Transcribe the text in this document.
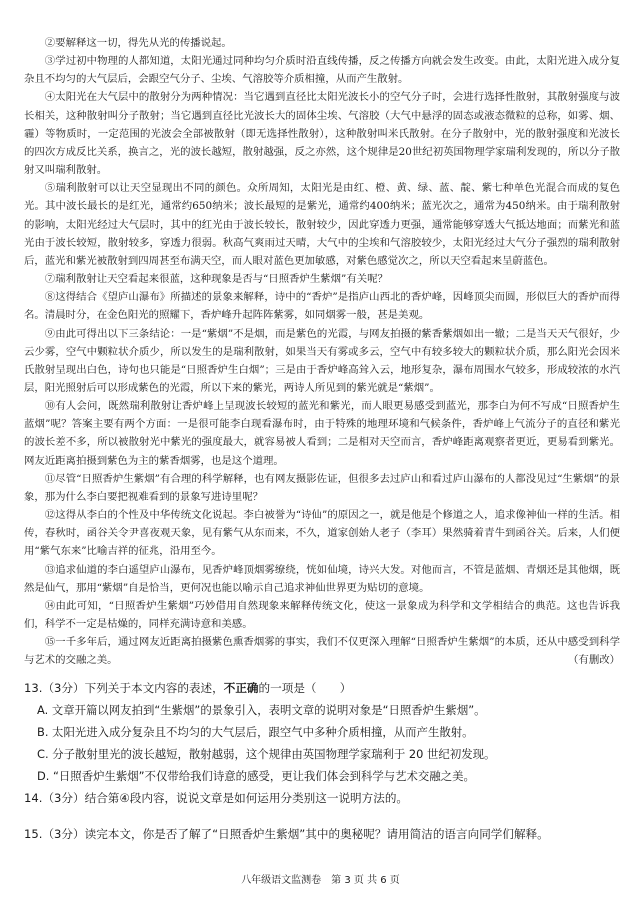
②要解释这一切，得先从光的传播说起。

③学过初中物理的人都知道，太阳光通过同种均匀介质时沿直线传播，反之传播方向就会发生改变。由此，太阳光进入成分复杂且不均匀的大气层后，会跟空气分子、尘埃、气溶胶等介质相撞，从而产生散射。

④太阳光在大气层中的散射分为两种情况：当它遇到直径比太阳光波长小的空气分子时，会进行选择性散射，其散射强度与波长相关，这种散射叫分子散射；当它遇到直径比光波长大的固体尘埃、气溶胶（大气中悬浮的固态或液态微粒的总称，如雾、烟、霾）等物质时，一定范围的光波会全部被散射（即无选择性散射），这种散射叫米氏散射。在分子散射中，光的散射强度和光波长的四次方成反比关系，换言之，光的波长越短，散射越强，反之亦然，这个规律是20世纪初英国物理学家瑞利发现的，所以分子散射又叫瑞利散射。

⑤瑞利散射可以让天空显现出不同的颜色。众所周知，太阳光是由红、橙、黄、绿、蓝、靛、紫七种单色光混合而成的复色光。其中波长最长的是红光，通常约650纳米；波长最短的是紫光，通常约400纳米；蓝光次之，通常为450纳米。由于瑞利散射的影响，太阳光经过大气层时，其中的红光由于波长较长，散射较少，因此穿透力更强，通常能够穿透大气抵达地面；而紫光和蓝光由于波长较短，散射较多，穿透力很弱。秋高气爽雨过天晴，大气中的尘埃和气溶胶较少，太阳光经过大气分子强烈的瑞利散射后，蓝光和紫光被散射到四周甚至布满天空，而人眼对蓝色更加敏感，对紫色感觉次之，所以天空看起来呈蔚蓝色。

⑦瑞利散射让天空看起来很蓝，这种现象是否与“日照香炉生紫烟”有关呢？

⑧这得结合《望庐山瀑布》所描述的景象来解释，诗中的“香炉”是指庐山西北的香炉峰，因峰顶尖而圆，形似巨大的香炉而得名。清晨时分，在金色阳光的照耀下，香炉峰升起阵阵紫雾，如同烟雾一般，甚是美观。

⑨由此可得出以下三条结论：一是“紫烟”不是烟，而是紫色的光霞，与网友拍摄的紫香紫烟如出一辙；二是当天天气很好，少云少雾，空气中颗粒状介质少，所以发生的是瑞利散射，如果当天有雾或多云，空气中有较多较大的颗粒状介质，那么阳光会因米氏散射呈现出白色，诗句也只能是“日照香炉生白烟”；三是由于香炉峰高耸入云，地形复杂，瀑布周围水气较多，形成较浓的水汽层，阳光照射后可以形成紫色的光霞，所以下来的紫光，两诗人所见到的紫光就是“紫烟”。

⑩有人会问，既然瑞利散射让香炉峰上呈现波长较短的蓝光和紫光，而人眼更易感受到蓝光，那李白为何不写成“日照香炉生蓝烟”呢？答案主要有两个方面：一是很可能李白现看瀑布时，由于特殊的地理环境和气候条件，香炉峰上气流分子的直径和紫光的波长差不多，所以被散射光中紫光的强度最大，就容易被人看到；二是相对天空而言，香炉峰距离观察者更近，更易看到紫光。网友近距离拍摄到紫色为主的紫香烟雾，也是这个道理。

⑪尽管“日照香炉生紫烟”有合理的科学解释，也有网友摄影佐证，但很多去过庐山和看过庐山瀑布的人都没见过“生紫烟”的景象，那为什么李白要把视难看到的景象写进诗里呢？

⑫这得从李白的个性及中华传统文化说起。李白被誉为“诗仙”的原因之一，就是他是个修道之人，追求像神仙一样的生活。相传，春秋时，函谷关令尹喜夜观天象，见有紫气从东而来，不久，道家创始人老子（李耳）果然骑着青牛到函谷关。后来，人们便用“紫气东来”比喻吉祥的征兆，沿用至今。

⑬追求仙道的李白遥望庐山瀑布，见香炉峰顶烟雾缭绕，恍如仙境，诗兴大发。对他而言，不管是蓝烟、青烟还是其他烟，既然是仙气，那用“紫烟”自是恰当，更何况也能以喻示自己追求神仙世界更为贴切的意境。

⑭由此可知，“日照香炉生紫烟”巧妙借用自然现象来解释传统文化，使这一景象成为科学和文学相结合的典范。这也告诉我们，科学不一定是枯燥的，同样充满诗意和美感。

⑮一千多年后，通过网友近距离拍摄紫色熏香烟雾的事实，我们不仅更深入理解“日照香炉生紫烟”的本质，还从中感受到科学与艺术的交融之美。	（有删改）

13.（3分）下列关于本文内容的表述，不正确的一项是（　　）

A. 文章开篇以网友拍到“生紫烟”的景象引入，表明文章的说明对象是“日照香炉生紫烟”。

B. 太阳光进入成分复杂且不均匀的大气层后，跟空气中多种介质相撞，从而产生散射。

C. 分子散射里光的波长越短，散射越弱，这个规律由英国物理学家瑞利于 20 世纪初发现。

D. “日照香炉生紫烟”不仅带给我们诗意的感受，更让我们体会到科学与艺术交融之美。

14.（3分）结合第④段内容，说说文章是如何运用分类别这一说明方法的。

15.（3分）读完本文，你是否了解了“日照香炉生紫烟”其中的奥秘呢？请用简洁的语言向同学们解释。

八年级语文监测卷　第 3 页 共 6 页
